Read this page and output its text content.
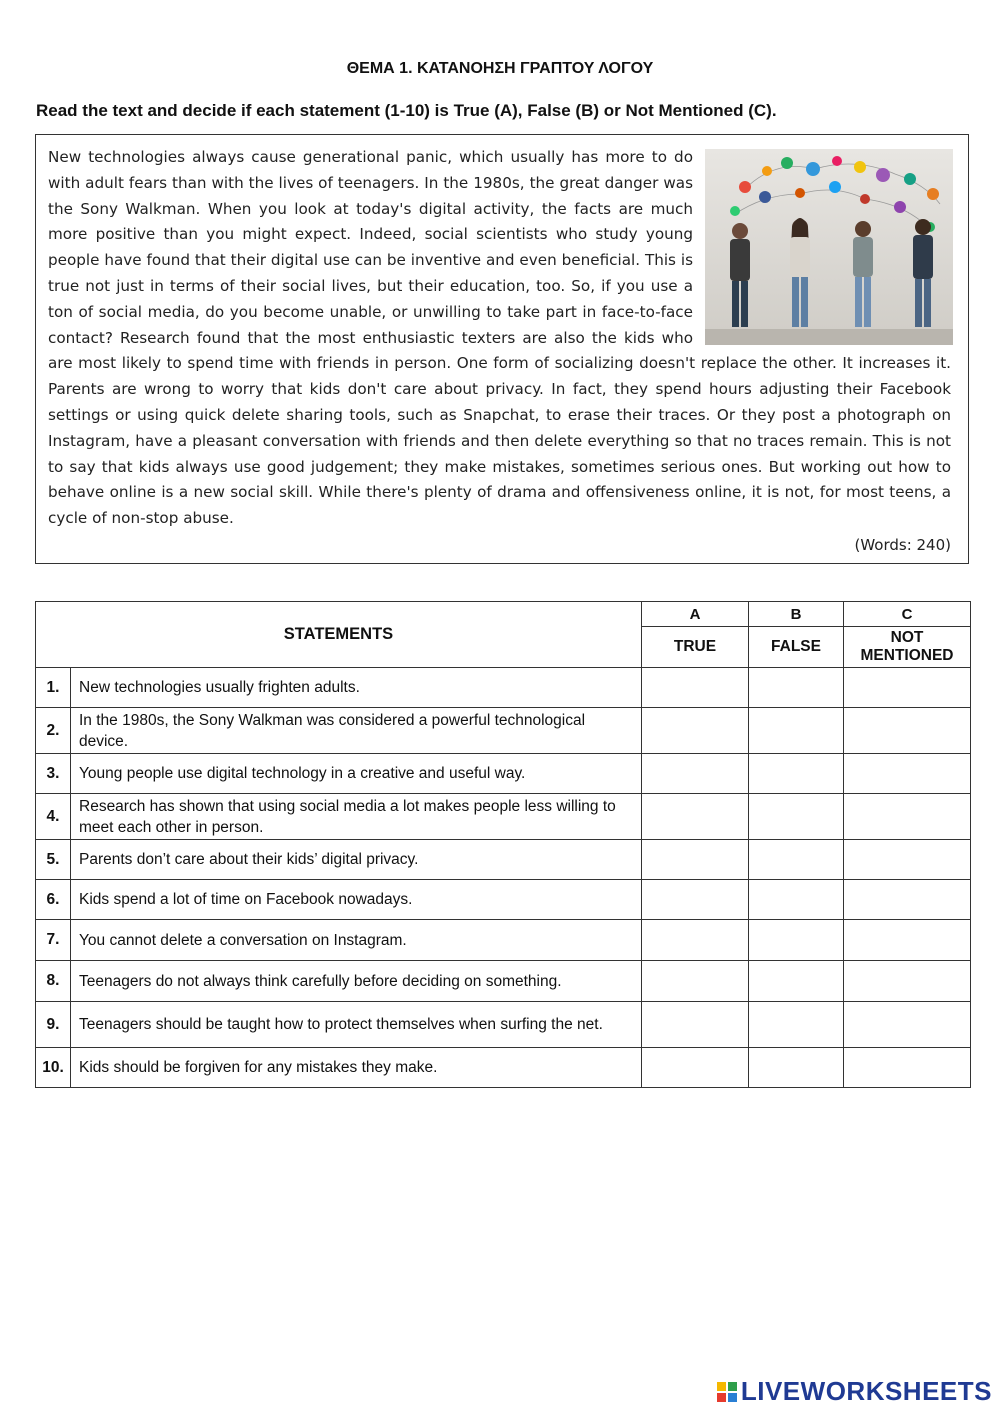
ΘΕΜΑ 1. ΚΑΤΑΝΟΗΣΗ ΓΡΑΠΤΟΥ ΛΟΓΟΥ
Read the text and decide if each statement (1-10) is True (A), False (B) or Not Mentioned (C).

New technologies always cause generational panic, which usually has more to do with adult fears than with the lives of teenagers. In the 1980s, the great danger was the Sony Walkman. When you look at today's digital activity, the facts are much more positive than you might expect. Indeed, social scientists who study young people have found that their digital use can be inventive and even beneficial. This is true not just in terms of their social lives, but their education, too. So, if you use a ton of social media, do you become unable, or unwilling to take part in face-to-face contact? Research found that the most enthusiastic texters are also the kids who are most likely to spend time with friends in person. One form of socializing doesn't replace the other. It increases it. Parents are wrong to worry that kids don't care about privacy. In fact, they spend hours adjusting their Facebook settings or using quick delete sharing tools, such as Snapchat, to erase their traces. Or they post a photograph on Instagram, have a pleasant conversation with friends and then delete everything so that no traces remain. This is not to say that kids always use good judgement; they make mistakes, sometimes serious ones. But working out how to behave online is a new social skill. While there's plenty of drama and offensiveness online, it is not, for most teens, a cycle of non-stop abuse.

(Words: 240)
STATEMENTS		A	B	C
		TRUE	FALSE	NOT
MENTIONED
1.	New technologies usually frighten adults.			
2.	In the 1980s, the Sony Walkman was considered a powerful technological device.			
3.	Young people use digital technology in a creative and useful way.			
4.	Research has shown that using social media a lot makes people less willing to meet each other in person.			
5.	Parents don’t care about their kids’ digital privacy.			
6.	Kids spend a lot of time on Facebook nowadays.			
7.	You cannot delete a conversation on Instagram.			
8.	Teenagers do not always think carefully before deciding on something.			
9.	Teenagers should be taught how to protect themselves when surfing the net.			
10.	Kids should be forgiven for any mistakes they make.			
LIVEWORKSHEETS
